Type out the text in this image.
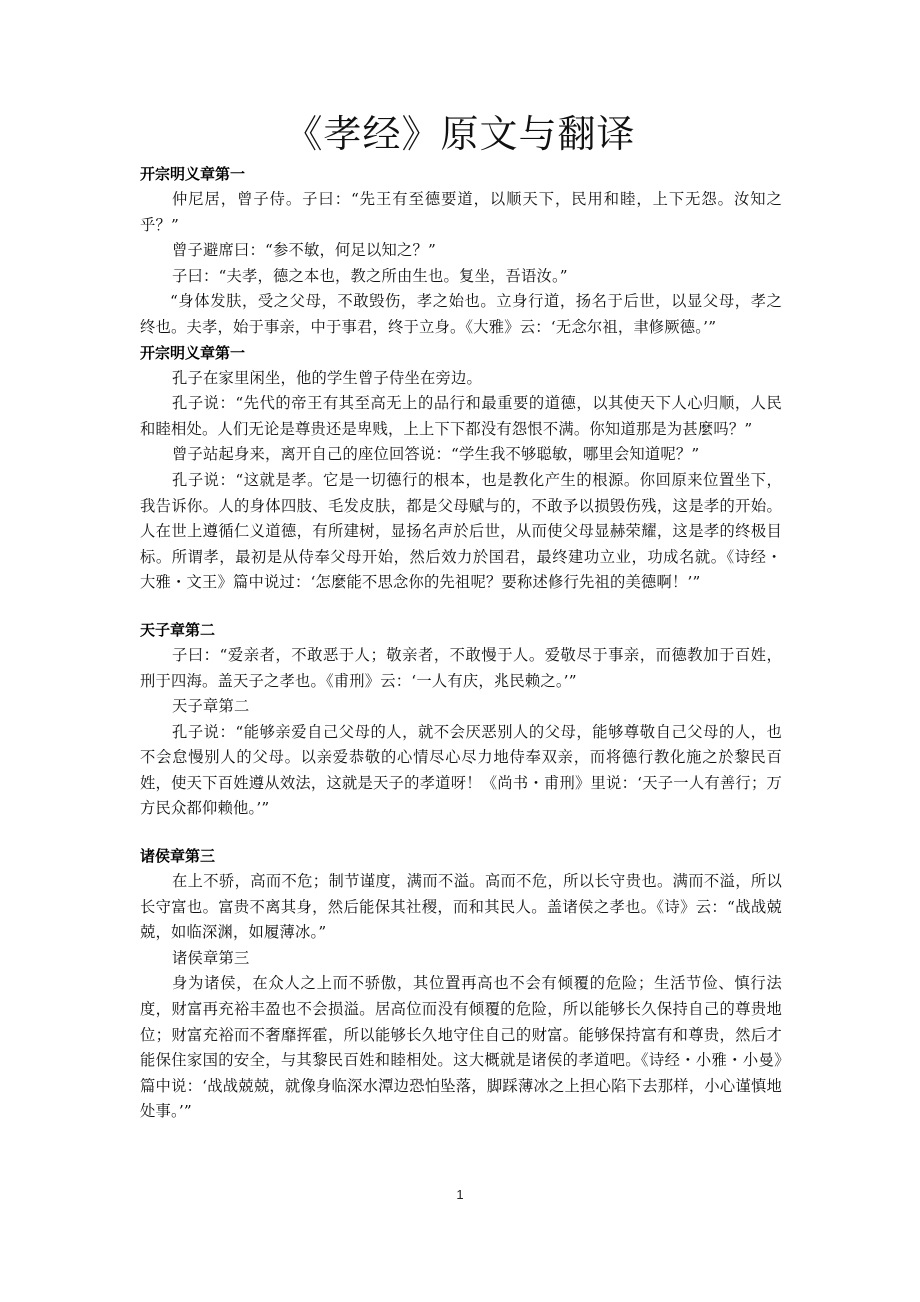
《孝经》原文与翻译
开宗明义章第一

仲尼居，曾子侍。子曰：“先王有至德要道，以顺天下，民用和睦，上下无怨。汝知之乎？”

曾子避席曰：“参不敏，何足以知之？”

子曰：“夫孝，德之本也，教之所由生也。复坐，吾语汝。”

“身体发肤，受之父母，不敢毁伤，孝之始也。立身行道，扬名于后世，以显父母，孝之终也。夫孝，始于事亲，中于事君，终于立身。《大雅》云：‘无念尔祖，聿修厥德。’”

开宗明义章第一

孔子在家里闲坐，他的学生曾子侍坐在旁边。

孔子说：“先代的帝王有其至高无上的品行和最重要的道德，以其使天下人心归顺，人民和睦相处。人们无论是尊贵还是卑贱，上上下下都没有怨恨不满。你知道那是为甚麼吗？”

曾子站起身来，离开自己的座位回答说：“学生我不够聪敏，哪里会知道呢？”

孔子说：“这就是孝。它是一切德行的根本，也是教化产生的根源。你回原来位置坐下，我告诉你。人的身体四肢、毛发皮肤，都是父母赋与的，不敢予以损毁伤残，这是孝的开始。人在世上遵循仁义道德，有所建树，显扬名声於后世，从而使父母显赫荣耀，这是孝的终极目标。所谓孝，最初是从侍奉父母开始，然后效力於国君，最终建功立业，功成名就。《诗经・大雅・文王》篇中说过：‘怎麼能不思念你的先祖呢？要称述修行先祖的美德啊！’”

天子章第二

子曰：“爱亲者，不敢恶于人；敬亲者，不敢慢于人。爱敬尽于事亲，而德教加于百姓，刑于四海。盖天子之孝也。《甫刑》云：‘一人有庆，兆民赖之。’”

天子章第二

孔子说：“能够亲爱自己父母的人，就不会厌恶别人的父母，能够尊敬自己父母的人，也不会怠慢别人的父母。以亲爱恭敬的心情尽心尽力地侍奉双亲，而将德行教化施之於黎民百姓，使天下百姓遵从效法，这就是天子的孝道呀！《尚书・甫刑》里说：‘天子一人有善行；万方民众都仰赖他。’”

诸侯章第三

在上不骄，高而不危；制节谨度，满而不溢。高而不危，所以长守贵也。满而不溢，所以长守富也。富贵不离其身，然后能保其社稷，而和其民人。盖诸侯之孝也。《诗》云：“战战兢兢，如临深渊，如履薄冰。”

诸侯章第三

身为诸侯，在众人之上而不骄傲，其位置再高也不会有倾覆的危险；生活节俭、慎行法度，财富再充裕丰盈也不会损溢。居高位而没有倾覆的危险，所以能够长久保持自己的尊贵地位；财富充裕而不奢靡挥霍，所以能够长久地守住自己的财富。能够保持富有和尊贵，然后才能保住家国的安全，与其黎民百姓和睦相处。这大概就是诸侯的孝道吧。《诗经・小雅・小曼》篇中说：‘战战兢兢，就像身临深水潭边恐怕坠落，脚踩薄冰之上担心陷下去那样，小心谨慎地处事。’”

1
